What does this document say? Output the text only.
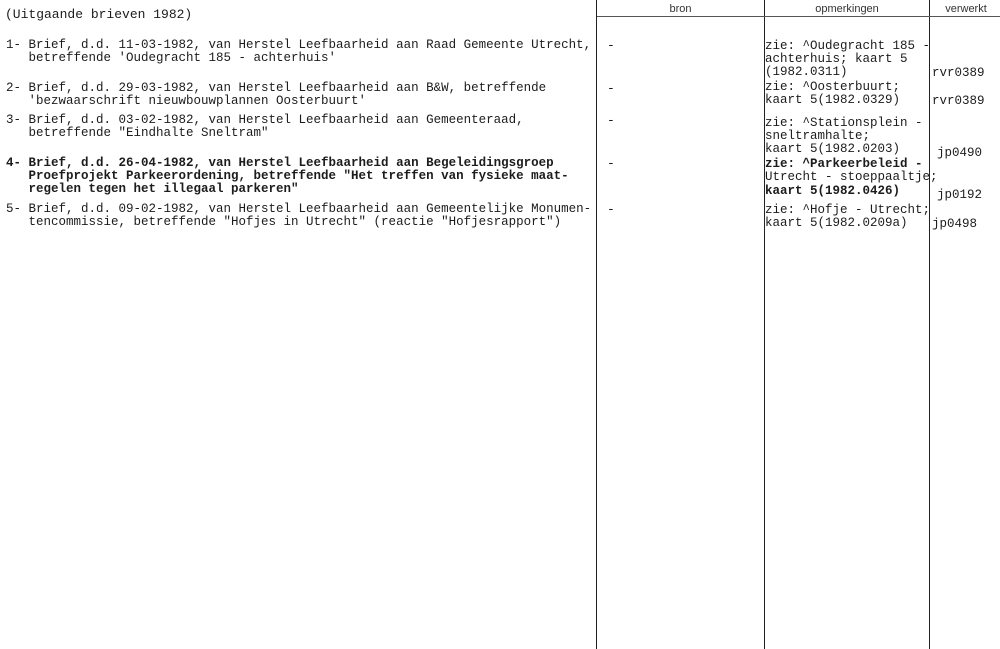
bron	opmerkingen	verwerkt
(Uitgaande brieven 1982)
1- Brief, d.d. 11-03-1982, van Herstel Leefbaarheid aan Raad Gemeente Utrecht,
betreffende 'Oudegracht 185 - achterhuis'
-	zie: ^Oudegracht 185 -
achterhuis; kaart 5
(1982.0311)	rvr0389
2- Brief, d.d. 29-03-1982, van Herstel Leefbaarheid aan B&W, betreffende
'bezwaarschrift nieuwbouwplannen Oosterbuurt'
-	zie: ^Oosterbuurt;
kaart 5(1982.0329)	rvr0389
3- Brief, d.d. 03-02-1982, van Herstel Leefbaarheid aan Gemeenteraad,
betreffende "Eindhalte Sneltram"
-	zie: ^Stationsplein -
sneltramhalte;
kaart 5(1982.0203)	jp0490
4- Brief, d.d. 26-04-1982, van Herstel Leefbaarheid aan Begeleidingsgroep
Proefprojekt Parkeerordening, betreffende "Het treffen van fysieke maat-
regelen tegen het illegaal parkeren"
-	zie: ^Parkeerbeleid -
Utrecht - stoeppaaltje;
kaart 5(1982.0426)	jp0192
5- Brief, d.d. 09-02-1982, van Herstel Leefbaarheid aan Gemeentelijke Monumen-
tencommissie, betreffende "Hofjes in Utrecht" (reactie "Hofjesrapport")
-	zie: ^Hofje - Utrecht;
kaart 5(1982.0209a) jp0498
